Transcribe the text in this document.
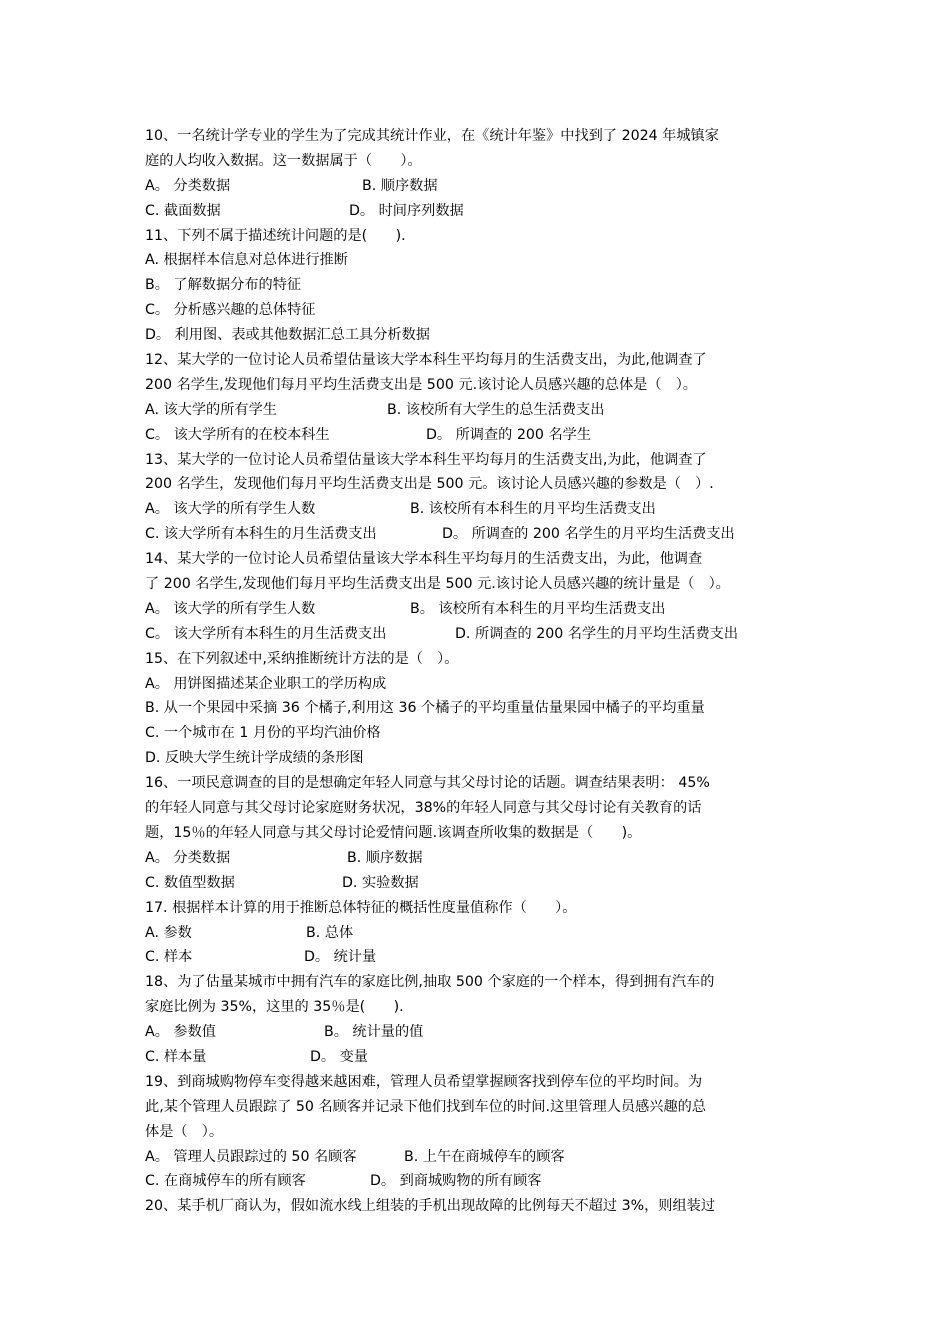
10、一名统计学专业的学生为了完成其统计作业，在《统计年鉴》中找到了 2024 年城镇家
庭的人均收入数据。这一数据属于（　　）。
A。 分类数据	B. 顺序数据
C. 截面数据	D。 时间序列数据
11、下列不属于描述统计问题的是(　　).
A. 根据样本信息对总体进行推断
B。 了解数据分布的特征
C。 分析感兴趣的总体特征
D。 利用图、表或其他数据汇总工具分析数据
12、某大学的一位讨论人员希望估量该大学本科生平均每月的生活费支出，为此,他调查了
200 名学生,发现他们每月平均生活费支出是 500 元.该讨论人员感兴趣的总体是（　）。
A. 该大学的所有学生	B. 该校所有大学生的总生活费支出
C。 该大学所有的在校本科生	D。 所调查的 200 名学生
13、某大学的一位讨论人员希望估量该大学本科生平均每月的生活费支出,为此，他调查了
200 名学生，发现他们每月平均生活费支出是 500 元。该讨论人员感兴趣的参数是（　）.
A。 该大学的所有学生人数	B. 该校所有本科生的月平均生活费支出
C. 该大学所有本科生的月生活费支出	D。 所调查的 200 名学生的月平均生活费支出
14、某大学的一位讨论人员希望估量该大学本科生平均每月的生活费支出，为此，他调查
了 200 名学生,发现他们每月平均生活费支出是 500 元.该讨论人员感兴趣的统计量是（　）。
A。 该大学的所有学生人数	B。 该校所有本科生的月平均生活费支出
C。 该大学所有本科生的月生活费支出	D. 所调查的 200 名学生的月平均生活费支出
15、在下列叙述中,采纳推断统计方法的是（　）。
A。 用饼图描述某企业职工的学历构成
B. 从一个果园中采摘 36 个橘子,利用这 36 个橘子的平均重量估量果园中橘子的平均重量
C. 一个城市在 1 月份的平均汽油价格
D. 反映大学生统计学成绩的条形图
16、一项民意调查的目的是想确定年轻人同意与其父母讨论的话题。调查结果表明： 45%
的年轻人同意与其父母讨论家庭财务状况，38%的年轻人同意与其父母讨论有关教育的话
题，15％的年轻人同意与其父母讨论爱情问题.该调查所收集的数据是（　　)。
A。 分类数据	B. 顺序数据
C. 数值型数据	D. 实验数据
17. 根据样本计算的用于推断总体特征的概括性度量值称作（　　）。
A. 参数	B. 总体
C. 样本	D。 统计量
18、为了估量某城市中拥有汽车的家庭比例,抽取 500 个家庭的一个样本，得到拥有汽车的
家庭比例为 35%，这里的 35％是(　　).
A。 参数值	B。 统计量的值
C. 样本量	D。 变量
19、到商城购物停车变得越来越困难，管理人员希望掌握顾客找到停车位的平均时间。为
此,某个管理人员跟踪了 50 名顾客并记录下他们找到车位的时间.这里管理人员感兴趣的总
体是（　）。
A。 管理人员跟踪过的 50 名顾客	B. 上午在商城停车的顾客
C. 在商城停车的所有顾客	D。 到商城购物的所有顾客
20、某手机厂商认为，假如流水线上组装的手机出现故障的比例每天不超过 3%，则组装过
